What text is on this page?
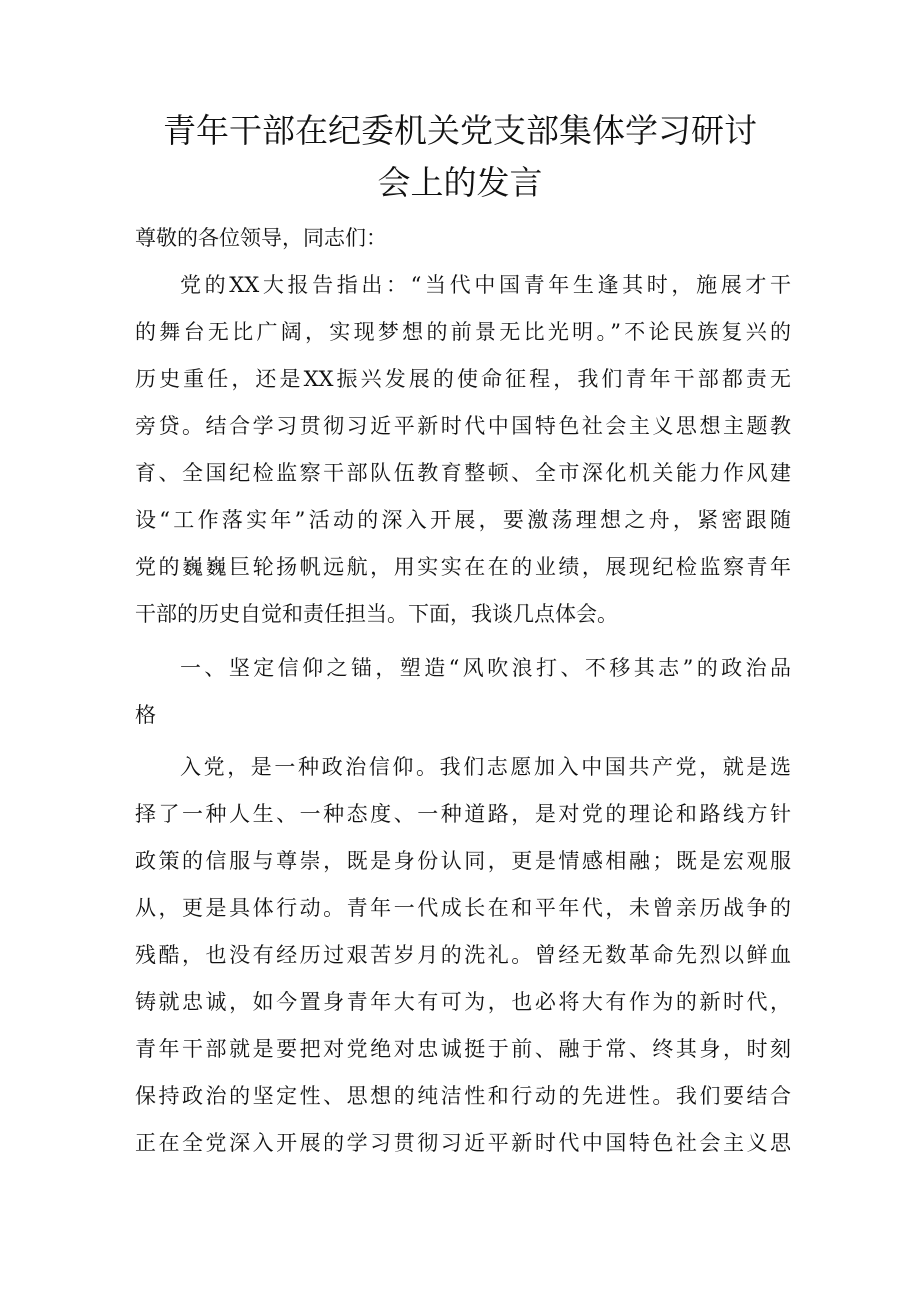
青年干部在纪委机关党支部集体学习研讨
会上的发言

尊敬的各位领导，同志们：

党的XX大报告指出：“当代中国青年生逢其时，施展才干

的舞台无比广阔，实现梦想的前景无比光明。”不论民族复兴的

历史重任，还是XX振兴发展的使命征程，我们青年干部都责无

旁贷。结合学习贯彻习近平新时代中国特色社会主义思想主题教

育、全国纪检监察干部队伍教育整顿、全市深化机关能力作风建

设“工作落实年”活动的深入开展，要激荡理想之舟，紧密跟随

党的巍巍巨轮扬帆远航，用实实在在的业绩，展现纪检监察青年

干部的历史自觉和责任担当。下面，我谈几点体会。

一、坚定信仰之锚，塑造“风吹浪打、不移其志”的政治品

格

入党，是一种政治信仰。我们志愿加入中国共产党，就是选

择了一种人生、一种态度、一种道路，是对党的理论和路线方针

政策的信服与尊崇，既是身份认同，更是情感相融；既是宏观服

从，更是具体行动。青年一代成长在和平年代，未曾亲历战争的

残酷，也没有经历过艰苦岁月的洗礼。曾经无数革命先烈以鲜血

铸就忠诚，如今置身青年大有可为，也必将大有作为的新时代，

青年干部就是要把对党绝对忠诚挺于前、融于常、终其身，时刻

保持政治的坚定性、思想的纯洁性和行动的先进性。我们要结合

正在全党深入开展的学习贯彻习近平新时代中国特色社会主义思
